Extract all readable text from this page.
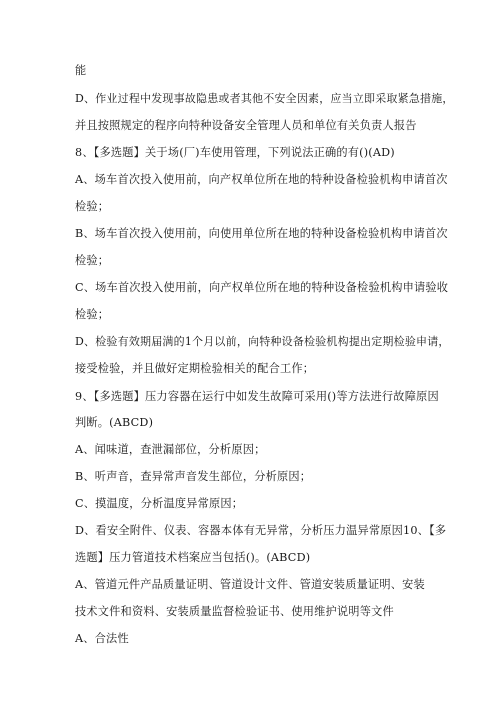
能
D、作业过程中发现事故隐患或者其他不安全因素，应当立即采取紧急措施，
并且按照规定的程序向特种设备安全管理人员和单位有关负责人报告
8、【多选题】关于场(厂)车使用管理，下列说法正确的有()(AD)
A、场车首次投入使用前，向产权单位所在地的特种设备检验机构申请首次
检验；
B、场车首次投入使用前，向使用单位所在地的特种设备检验机构申请首次
检验；
C、场车首次投入使用前，向产权单位所在地的特种设备检验机构申请验收
检验；
D、检验有效期届满的1个月以前，向特种设备检验机构提出定期检验申请，
接受检验，并且做好定期检验相关的配合工作；
9、【多选题】压力容器在运行中如发生故障可采用()等方法进行故障原因
判断。(ABCD)
A、闻味道，查泄漏部位，分析原因；
B、听声音，查异常声音发生部位，分析原因；
C、摸温度，分析温度异常原因；
D、看安全附件、仪表、容器本体有无异常，分析压力温异常原因10、【多
选题】压力管道技术档案应当包括()。(ABCD)
A、管道元件产品质量证明、管道设计文件、管道安装质量证明、安装
技术文件和资料、安装质量监督检验证书、使用维护说明等文件
A、合法性
